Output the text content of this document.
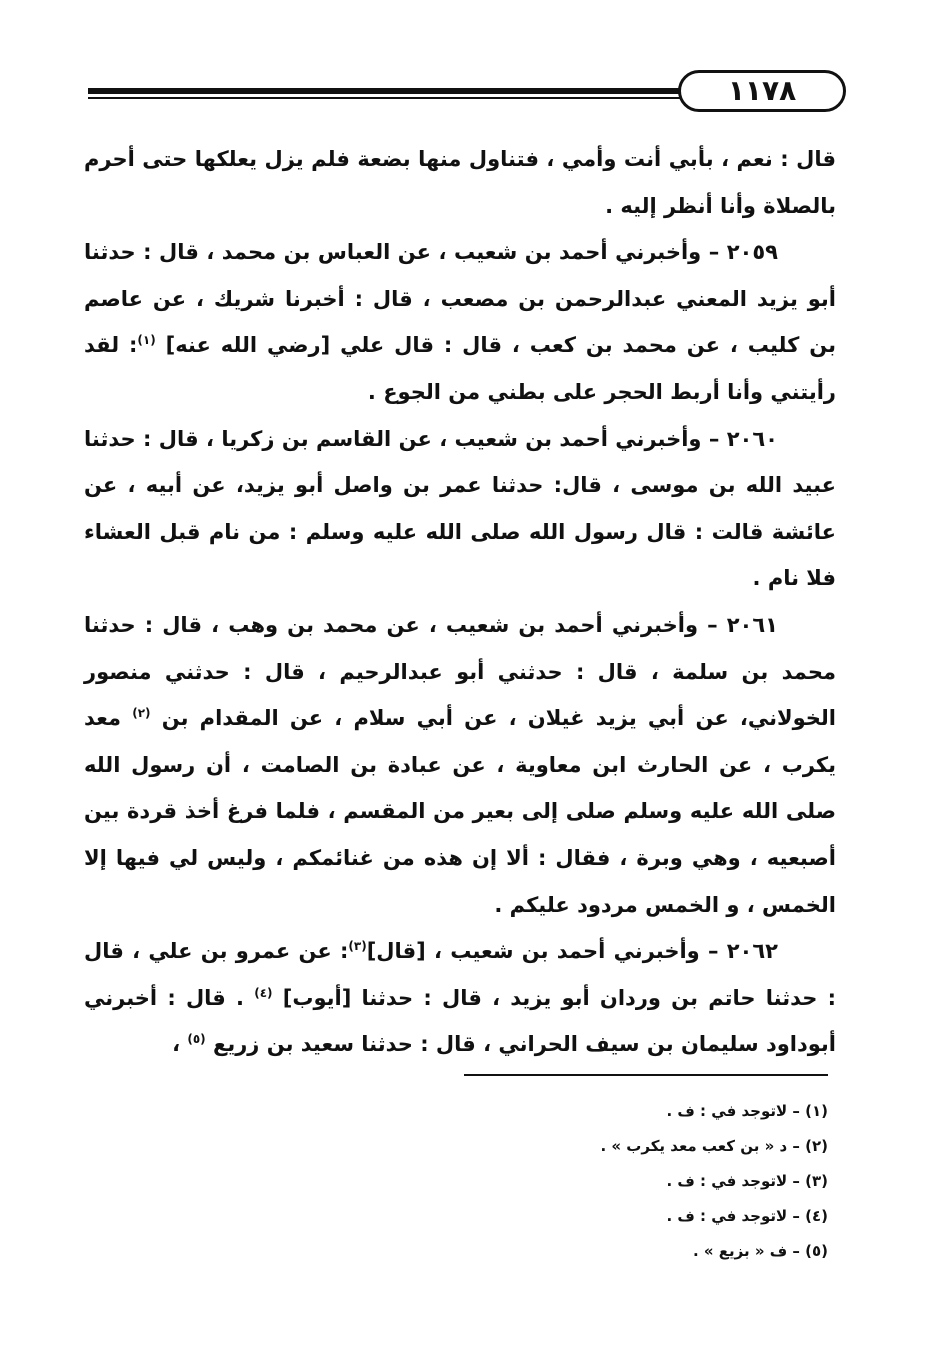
١١٧٨

قال : نعم ، بأبي أنت وأمي ، فتناول منها بضعة فلم يزل يعلكها حتى أحرم بالصلاة وأنا أنظر إليه .

٢٠٥٩ – وأخبرني أحمد بن شعيب ، عن العباس بن محمد ، قال : حدثنا أبو يزيد المعني عبدالرحمن بن مصعب ، قال : أخبرنا شريك ، عن عاصم بن كليب ، عن محمد بن كعب ، قال : قال علي [رضي الله عنه] $^{(١)}$: لقد رأيتني وأنا أربط الحجر على بطني من الجوع .

٢٠٦٠ – وأخبرني أحمد بن شعيب ، عن القاسم بن زكريا ، قال : حدثنا عبيد الله بن موسى ، قال: حدثنا عمر بن واصل أبو يزيد، عن أبيه ، عن عائشة قالت : قال رسول الله صلى الله عليه وسلم : من نام قبل العشاء فلا نام .

٢٠٦١ – وأخبرني أحمد بن شعيب ، عن محمد بن وهب ، قال : حدثنا محمد بن سلمة ، قال : حدثني أبو عبدالرحيم ، قال : حدثني منصور الخولاني، عن أبي يزيد غيلان ، عن أبي سلام ، عن المقدام بن $^{(٢)}$ معد يكرب ، عن الحارث ابن معاوية ، عن عبادة بن الصامت ، أن رسول الله صلى الله عليه وسلم صلى إلى بعير من المقسم ، فلما فرغ أخذ قردة بين أصبعيه ، وهي وبرة ، فقال : ألا إن هذه من غنائمكم ، وليس لي فيها إلا الخمس ، و الخمس مردود عليكم .

٢٠٦٢ – وأخبرني أحمد بن شعيب ، [قال]$^{(٣)}$: عن عمرو بن علي ، قال : حدثنا حاتم بن وردان أبو يزيد ، قال : حدثنا [أيوب] $^{(٤)}$ . قال : أخبرني أبوداود سليمان بن سيف الحراني ، قال : حدثنا سعيد بن زريع $^{(٥)}$ ،

(١) – لاتوجد في : ف .
(٢) – د « بن كعب معد يكرب » .
(٣) – لاتوجد في : ف .
(٤) – لاتوجد في : ف .
(٥) – ف « بزيع » .
